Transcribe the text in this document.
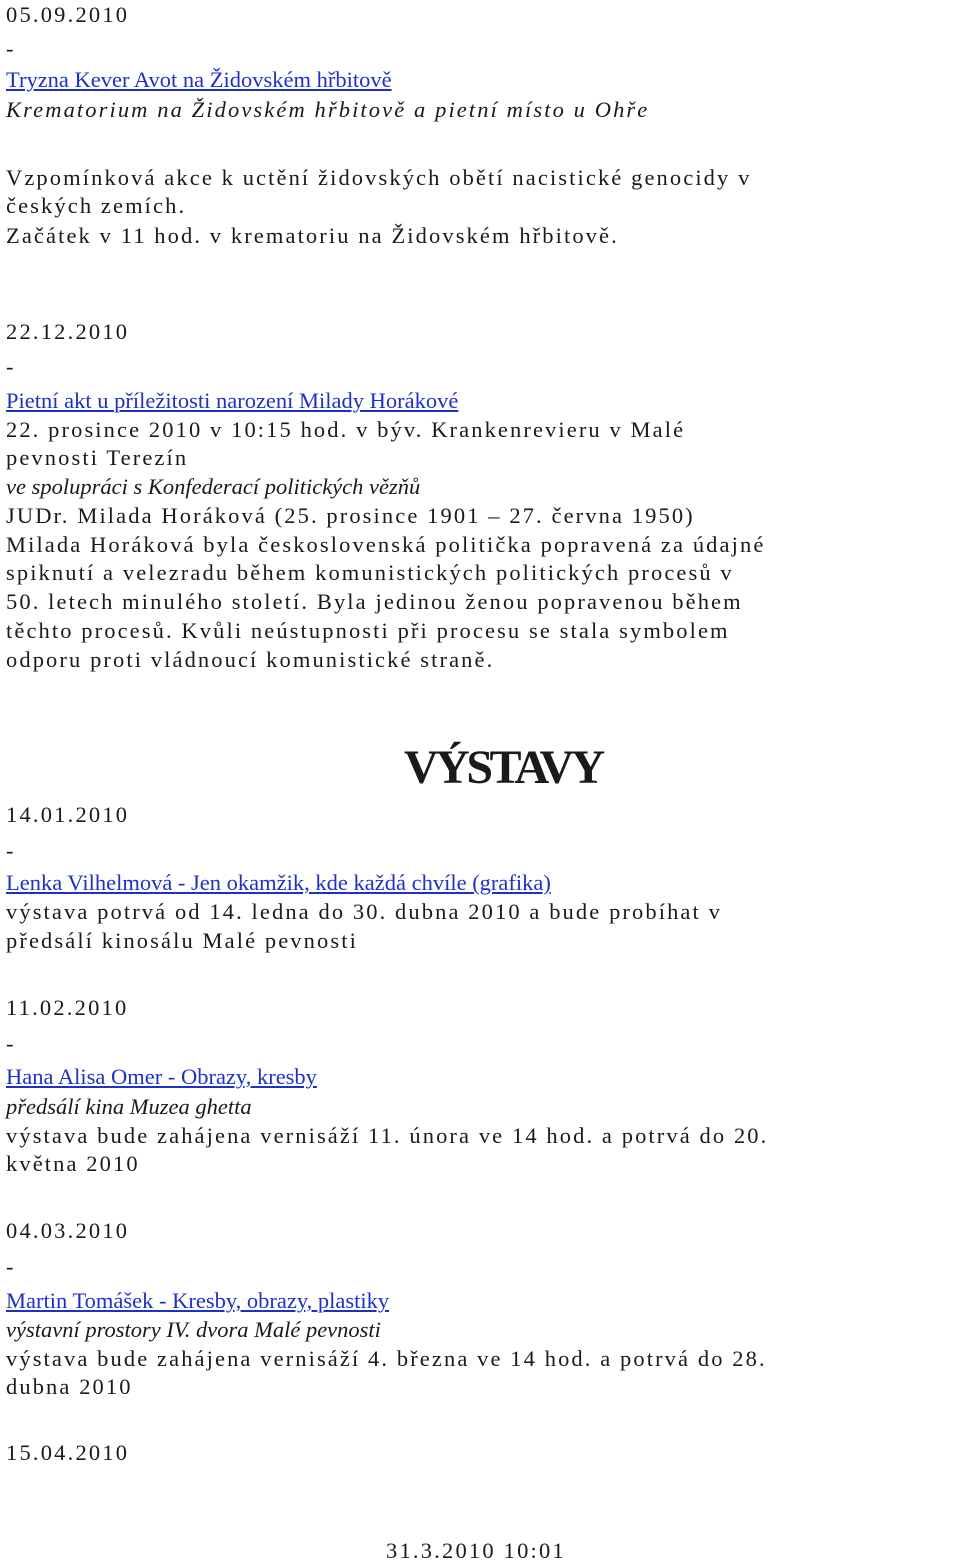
05.09.2010
-
Tryzna Kever Avot na Židovském hřbitově
Krematorium na Židovském hřbitově a pietní místo u Ohře
Vzpomínková akce k uctění židovských obětí nacistické genocidy v
českých zemích.
Začátek v 11 hod. v krematoriu na Židovském hřbitově.
22.12.2010
-
Pietní akt u příležitosti narození Milady Horákové
22. prosince 2010 v 10:15 hod. v býv. Krankenrevieru v Malé
pevnosti Terezín
ve spolupráci s Konfederací politických vězňů
JUDr. Milada Horáková (25. prosince 1901 – 27. června 1950)
Milada Horáková byla československá politička popravená za údajné
spiknutí a velezradu během komunistických politických procesů v
50. letech minulého století. Byla jedinou ženou popravenou během
těchto procesů. Kvůli neústupnosti při procesu se stala symbolem
odporu proti vládnoucí komunistické straně.
VÝSTAVY
14.01.2010
-
Lenka Vilhelmová - Jen okamžik, kde každá chvíle (grafika)
výstava potrvá od 14. ledna do 30. dubna 2010 a bude probíhat v
předsálí kinosálu Malé pevnosti
11.02.2010
-
Hana Alisa Omer - Obrazy, kresby
předsálí kina Muzea ghetta
výstava bude zahájena vernisáží 11. února ve 14 hod. a potrvá do 20.
května 2010
04.03.2010
-
Martin Tomášek - Kresby, obrazy, plastiky
výstavní prostory IV. dvora Malé pevnosti
výstava bude zahájena vernisáží 4. března ve 14 hod. a potrvá do 28.
dubna 2010
15.04.2010
31.3.2010 10:01
